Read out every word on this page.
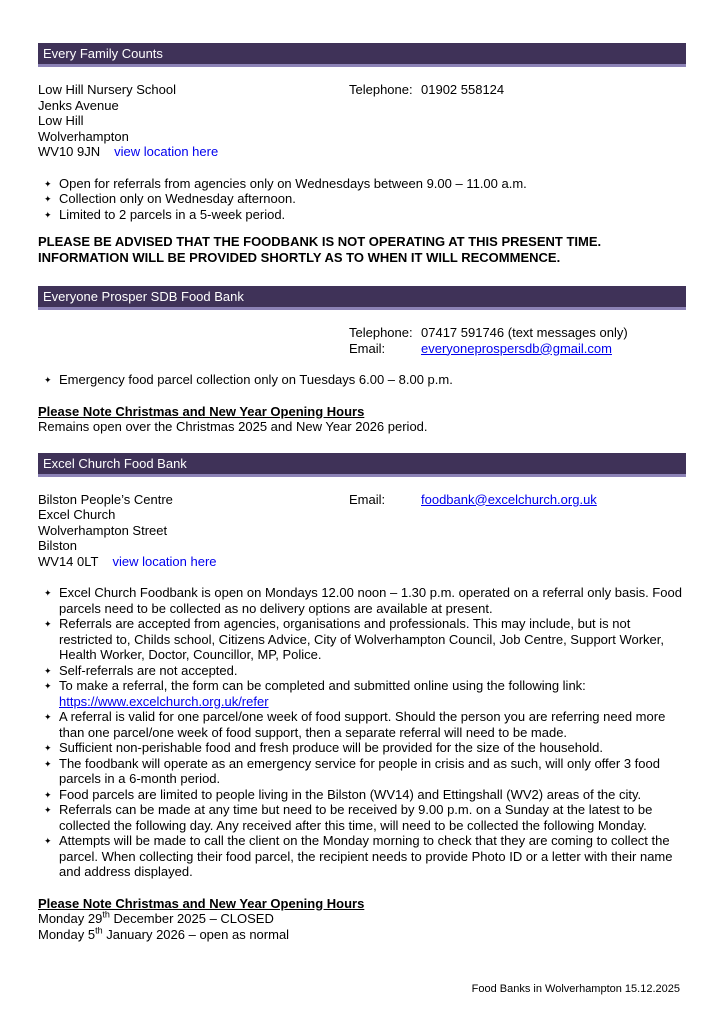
Every Family Counts
Low Hill Nursery School
Jenks Avenue
Low Hill
Wolverhampton
WV10 9JN view location here
Telephone: 01902 558124
✦ Open for referrals from agencies only on Wednesdays between 9.00 – 11.00 a.m.
✦ Collection only on Wednesday afternoon.
✦ Limited to 2 parcels in a 5-week period.
PLEASE BE ADVISED THAT THE FOODBANK IS NOT OPERATING AT THIS PRESENT TIME.
INFORMATION WILL BE PROVIDED SHORTLY AS TO WHEN IT WILL RECOMMENCE.
Everyone Prosper SDB Food Bank
Telephone: 07417 591746 (text messages only)
Email:	everyoneprospersdb@gmail.com
✦ Emergency food parcel collection only on Tuesdays 6.00 – 8.00 p.m.
Please Note Christmas and New Year Opening Hours
Remains open over the Christmas 2025 and New Year 2026 period.
Excel Church Food Bank
Bilston People’s Centre
Excel Church
Wolverhampton Street
Bilston
WV14 0LT view location here
Email:	foodbank@excelchurch.org.uk
✦ Excel Church Foodbank is open on Mondays 12.00 noon – 1.30 p.m. operated on a referral only basis. Food parcels need to be collected as no delivery options are available at present.
✦ Referrals are accepted from agencies, organisations and professionals. This may include, but is not restricted to, Childs school, Citizens Advice, City of Wolverhampton Council, Job Centre, Support Worker, Health Worker, Doctor, Councillor, MP, Police.
✦ Self-referrals are not accepted.
✦ To make a referral, the form can be completed and submitted online using the following link:
https://www.excelchurch.org.uk/refer
✦ A referral is valid for one parcel/one week of food support. Should the person you are referring need more than one parcel/one week of food support, then a separate referral will need to be made.
✦ Sufficient non-perishable food and fresh produce will be provided for the size of the household.
✦ The foodbank will operate as an emergency service for people in crisis and as such, will only offer 3 food parcels in a 6-month period.
✦ Food parcels are limited to people living in the Bilston (WV14) and Ettingshall (WV2) areas of the city.
✦ Referrals can be made at any time but need to be received by 9.00 p.m. on a Sunday at the latest to be collected the following day. Any received after this time, will need to be collected the following Monday.
✦ Attempts will be made to call the client on the Monday morning to check that they are coming to collect the parcel. When collecting their food parcel, the recipient needs to provide Photo ID or a letter with their name and address displayed.
Please Note Christmas and New Year Opening Hours
Monday 29th December 2025 – CLOSED
Monday 5th January 2026 – open as normal
Food Banks in Wolverhampton 15.12.2025
